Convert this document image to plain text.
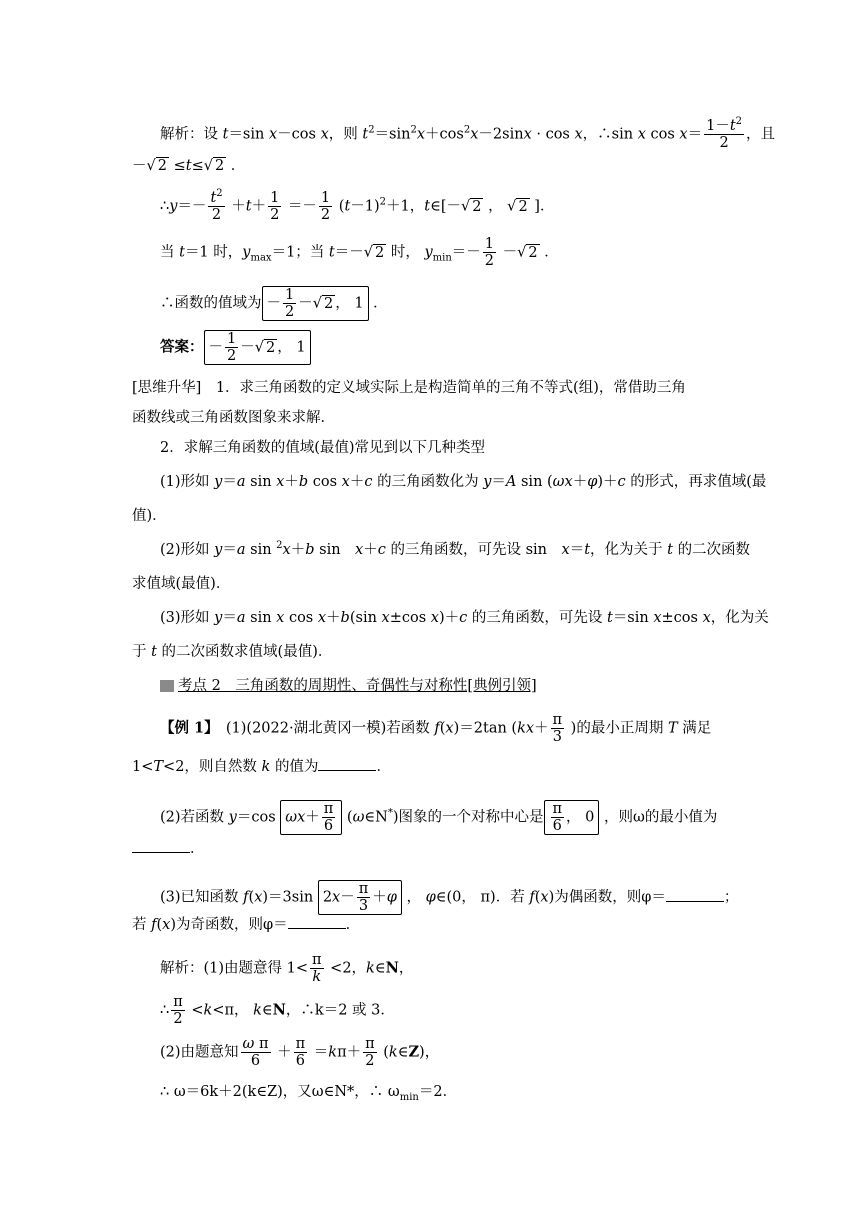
解析：设 t＝sin x－cos x，则 $t^2=\sin^2x+\cos^2x-2\sin x \cdot \cos x$，∴sin x $\cos x= \frac{1-t^2}{2}$ ，且
－√ 2 ≤t≤√ 2 ．
∴y＝－ $\frac{t^2}{2} +t+ \frac{1}{2} =- \frac{1}{2} (t-1)^2+1$，t∈[－√ 2 ， √ 2 ]．
当 t＝1 时，$y_{max}=1$；当 t＝－√ 2 时， $y_{min}=- \frac{1}{2}$ －√ 2 ．
∴函数的值域为 － $\frac{1}{2}$ －√ 2 ， 1 ．
答案： － $\frac{1}{2}$ －√ 2 ， 1
[思维升华]　 1．求三角函数的定义域实际上是构造简单的三角不等式(组)，常借助三角
函数线或三角函数图象来求解．
2．求解三角函数的值域(最值)常见到以下几种类型
(1)形如 y＝a sin x＋b cos x＋c 的三角函数化为 y＝A sin (ωx＋φ)＋c 的形式，再求值域(最
值)．
(2)形如 y＝a sin $^2$x＋b sin　x＋c 的三角函数，可先设 sin　x＝t，化为关于 t 的二次函数
求值域(最值)．
(3)形如 y＝a sin x cos x＋b(sin x±cos x)＋c 的三角函数，可先设 t＝sin x±cos x，化为关
于 t 的二次函数求值域(最值)．
考点 2　三角函数的周期性、奇偶性与对称性[典例引领]
【例 1】　 (1)(2022·湖北黄冈一模)若函数 f(x)＝2tan ($kx+ \frac{\pi}{3}$ )的最小正周期 T 满足
1<T<2，则自然数 k 的值为	．
(2)若函数 y＝cos $\omega x+ \frac{\pi}{6}$ (ω∈N*)图象的一个对称中心是 $\frac{\pi}{6}$ ， 0 ，则ω的最小值为
．
(3)已知函数 f(x)＝3sin $2x- \frac{\pi}{3} +\varphi$ ， φ∈(0， π)．若 f(x)为偶函数，则φ＝	；
若 f(x)为奇函数，则φ＝	．
解析：(1)由题意得 $1< \frac{\pi}{k} <2$，k∈N，
∴ $\frac{\pi}{2} <k<\pi$， k∈N，∴k＝2 或 3．
(2)由题意知 $\frac{\text{ω π}}{6} + \frac{\pi}{6} =k\pi+ \frac{\pi}{2}$ (k∈Z)，
∴ ω＝6k＋2(k∈Z)，又ω∈N*，∴ $\omega_{min}=2$．
